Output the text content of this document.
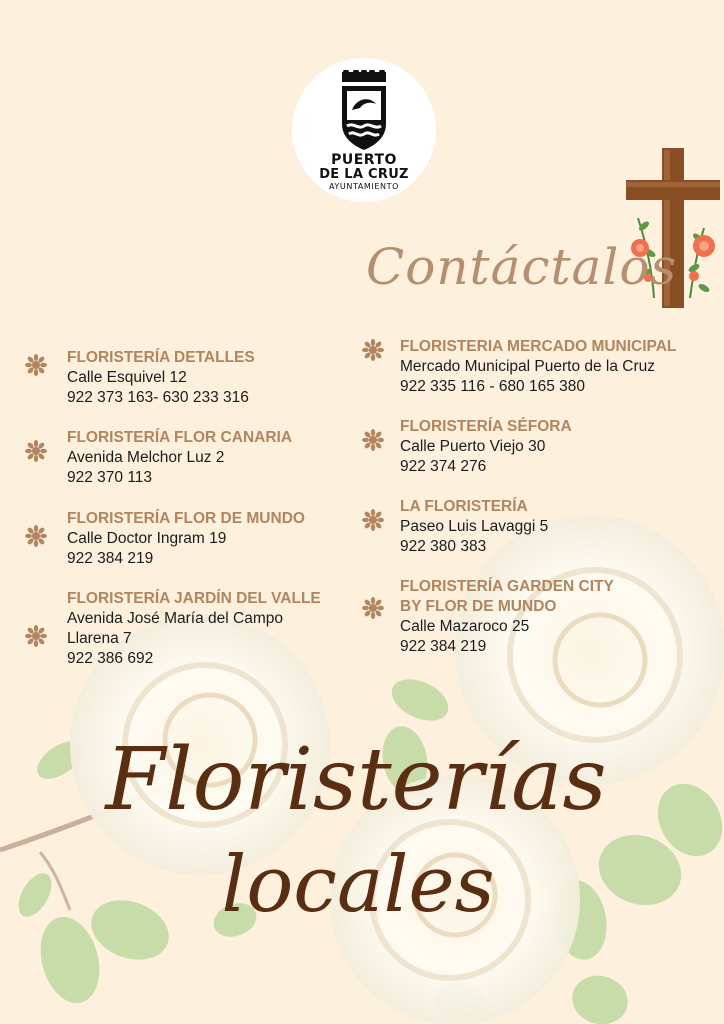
PUERTO
DE LA CRUZ
AYUNTAMIENTO
Contáctalos
FLORISTERÍA DETALLES
Calle Esquivel 12
922 373 163- 630 233 316
FLORISTERÍA FLOR CANARIA
Avenida Melchor Luz 2
922 370 113
FLORISTERÍA FLOR DE MUNDO
Calle Doctor Ingram 19
922 384 219
FLORISTERÍA JARDÍN DEL VALLE
Avenida José María del Campo
Llarena 7
922 386 692
FLORISTERIA MERCADO MUNICIPAL
Mercado Municipal Puerto de la Cruz
922 335 116 - 680 165 380
FLORISTERÍA SÉFORA
Calle Puerto Viejo 30
922 374 276
LA FLORISTERÍA
Paseo Luis Lavaggi 5
922 380 383
FLORISTERÍA GARDEN CITY
BY FLOR DE MUNDO
Calle Mazaroco 25
922 384 219
Floristerías
locales
